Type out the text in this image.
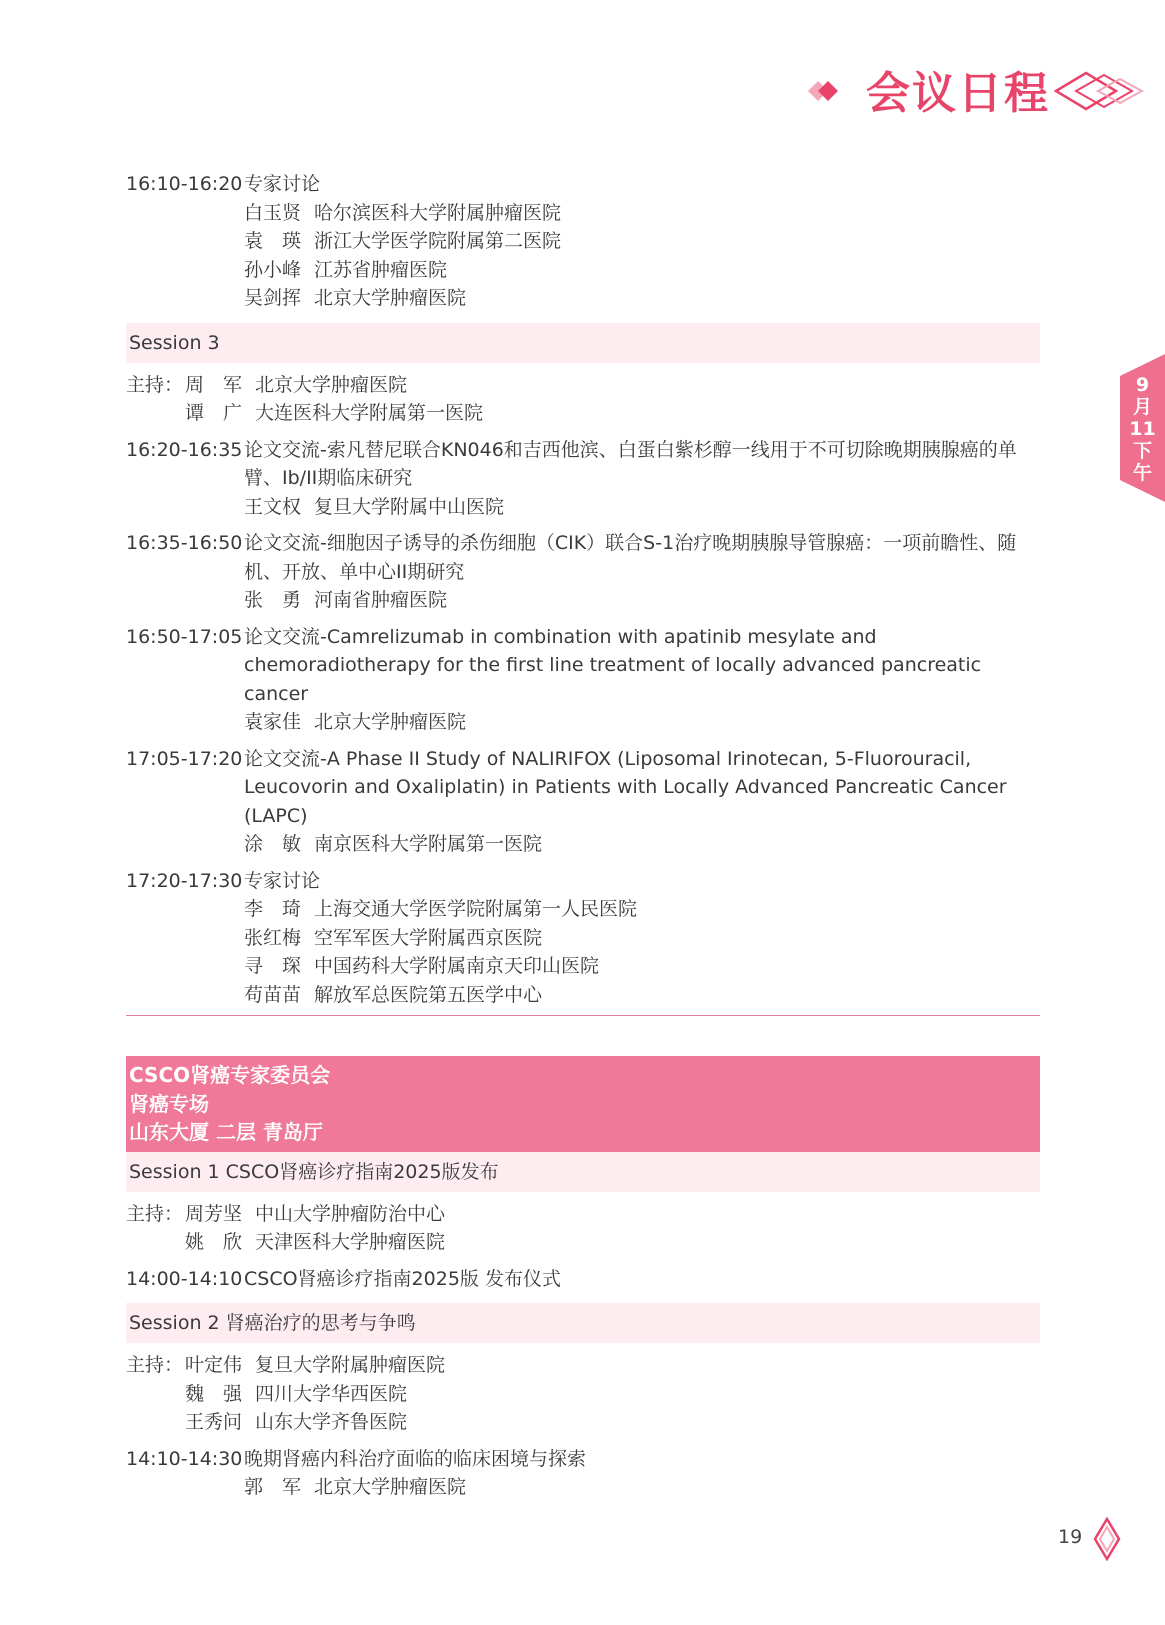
会议日程
9
月
11
下
午
16:10-16:20 专家讨论
白玉贤 哈尔滨医科大学附属肿瘤医院
袁　瑛 浙江大学医学院附属第二医院
孙小峰 江苏省肿瘤医院
吴剑挥 北京大学肿瘤医院
Session 3
主持： 周　军 北京大学肿瘤医院
谭　广 大连医科大学附属第一医院
16:20-16:35 论文交流-索凡替尼联合KN046和吉西他滨、白蛋白紫杉醇一线用于不可切除晚期胰腺癌的单臂、Ib/II期临床研究
王文权 复旦大学附属中山医院
16:35-16:50 论文交流-细胞因子诱导的杀伤细胞（CIK）联合S-1治疗晚期胰腺导管腺癌：一项前瞻性、随机、开放、单中心II期研究
张　勇 河南省肿瘤医院
16:50-17:05 论文交流-Camrelizumab in combination with apatinib mesylate and chemoradiotherapy for the first line treatment of locally advanced pancreatic cancer
袁家佳 北京大学肿瘤医院
17:05-17:20 论文交流-A Phase II Study of NALIRIFOX (Liposomal Irinotecan, 5-Fluorouracil, Leucovorin and Oxaliplatin) in Patients with Locally Advanced Pancreatic Cancer (LAPC)
涂　敏 南京医科大学附属第一医院
17:20-17:30 专家讨论
李　琦 上海交通大学医学院附属第一人民医院
张红梅 空军军医大学附属西京医院
寻　琛 中国药科大学附属南京天印山医院
苟苗苗 解放军总医院第五医学中心
CSCO肾癌专家委员会
肾癌专场
山东大厦 二层 青岛厅
Session 1 CSCO肾癌诊疗指南2025版发布
主持： 周芳坚 中山大学肿瘤防治中心
姚　欣 天津医科大学肿瘤医院
14:00-14:10 CSCO肾癌诊疗指南2025版 发布仪式
Session 2 肾癌治疗的思考与争鸣
主持： 叶定伟 复旦大学附属肿瘤医院
魏　强 四川大学华西医院
王秀问 山东大学齐鲁医院
14:10-14:30 晚期肾癌内科治疗面临的临床困境与探索
郭　军 北京大学肿瘤医院
19
